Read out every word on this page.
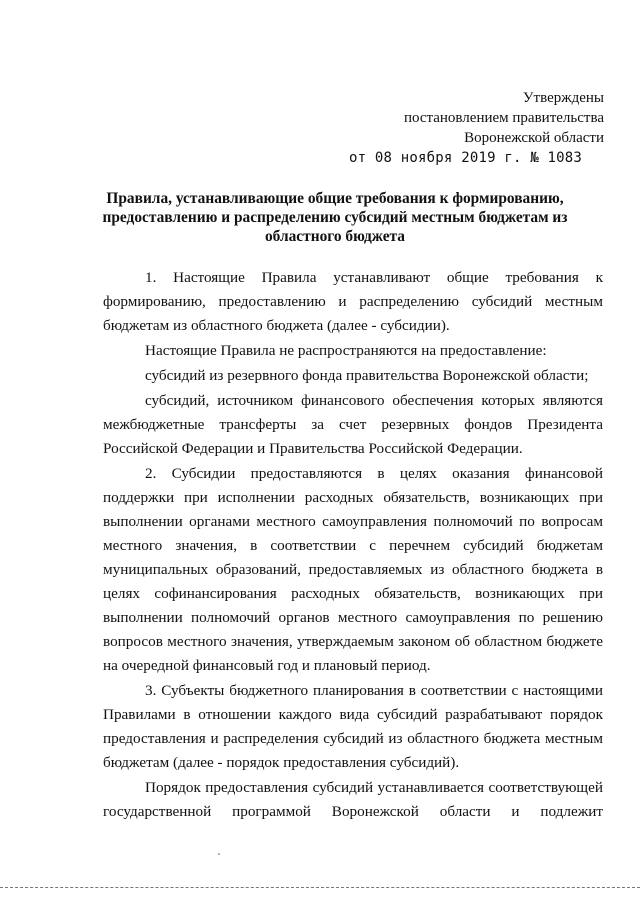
Утверждены
постановлением правительства
Воронежской области
от 08 ноября 2019 г. № 1083
Правила, устанавливающие общие требования к формированию,
предоставлению и распределению субсидий местным бюджетам из
областного бюджета

1. Настоящие Правила устанавливают общие требования к формированию, предоставлению и распределению субсидий местным бюджетам из областного бюджета (далее - субсидии).

Настоящие Правила не распространяются на предоставление:

субсидий из резервного фонда правительства Воронежской области;

субсидий, источником финансового обеспечения которых являются межбюджетные трансферты за счет резервных фондов Президента Российской Федерации и Правительства Российской Федерации.

2. Субсидии предоставляются в целях оказания финансовой поддержки при исполнении расходных обязательств, возникающих при выполнении органами местного самоуправления полномочий по вопросам местного значения, в соответствии с перечнем субсидий бюджетам муниципальных образований, предоставляемых из областного бюджета в целях софинансирования расходных обязательств, возникающих при выполнении полномочий органов местного самоуправления по решению вопросов местного значения, утверждаемым законом об областном бюджете на очередной финансовый год и плановый период.

3. Субъекты бюджетного планирования в соответствии с настоящими Правилами в отношении каждого вида субсидий разрабатывают порядок предоставления и распределения субсидий из областного бюджета местным бюджетам (далее - порядок предоставления субсидий).

Порядок предоставления субсидий устанавливается соответствующей государственной программой Воронежской области и подлежит
